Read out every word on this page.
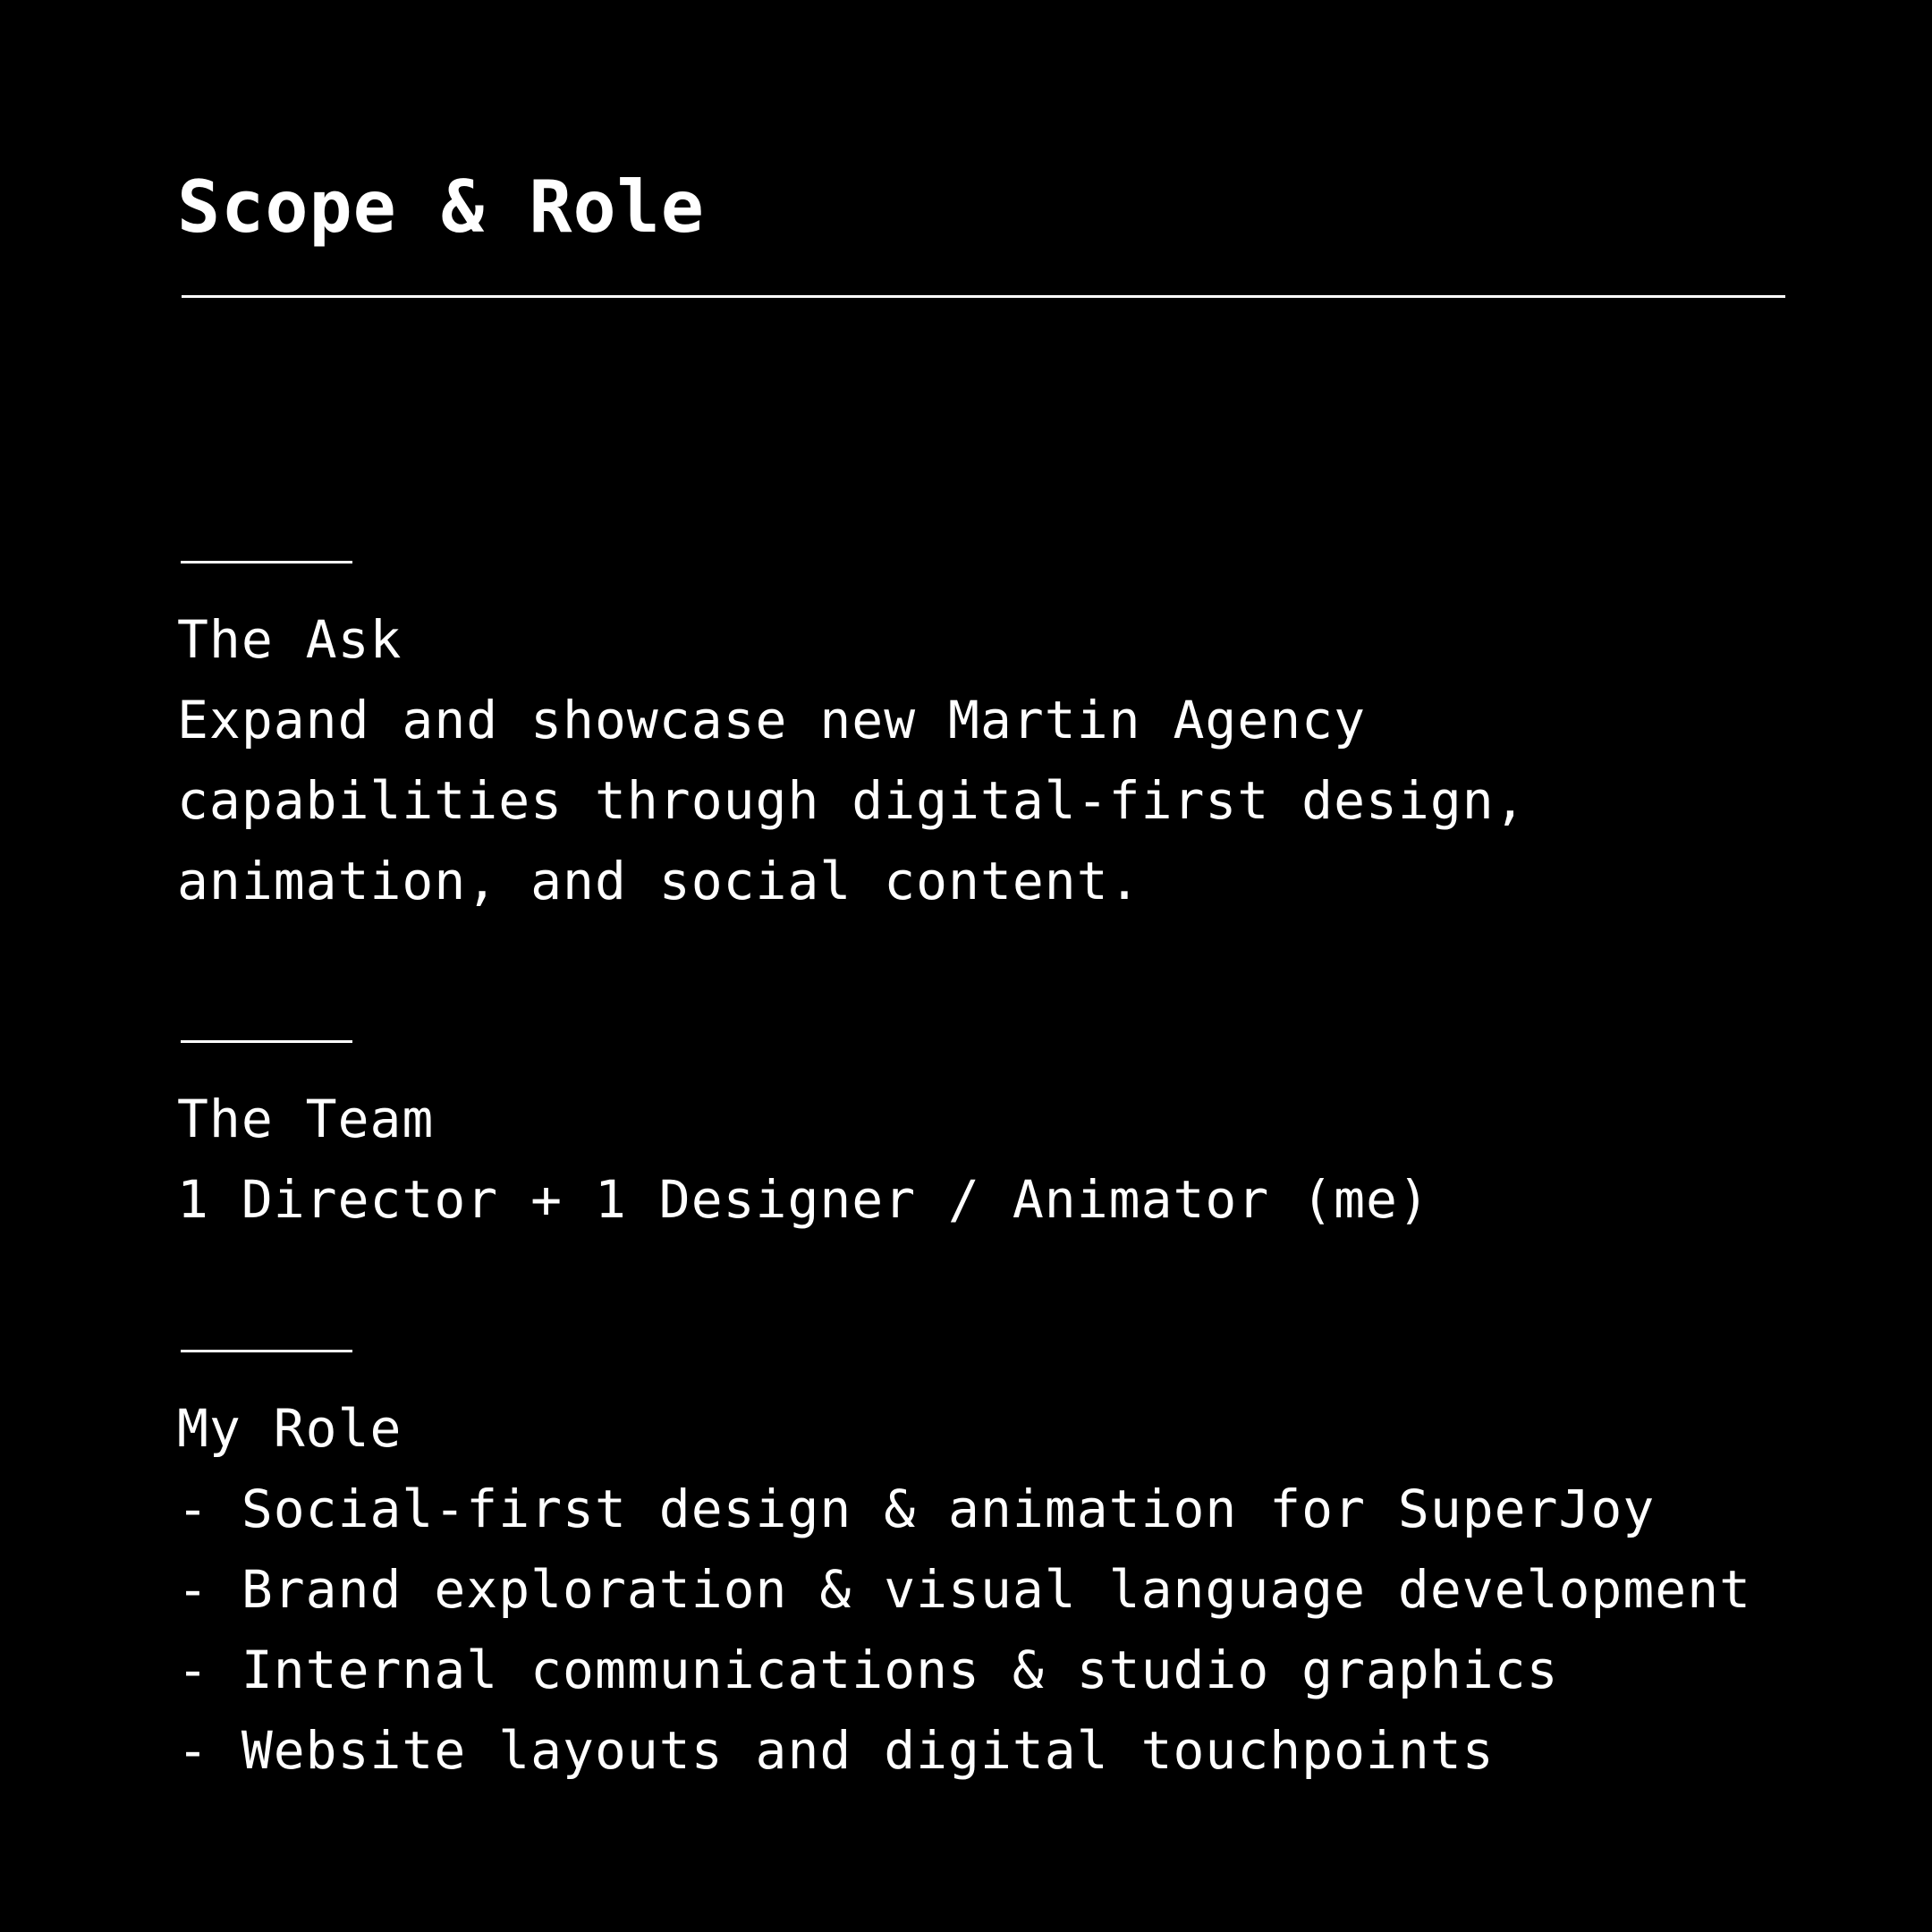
Scope & Role
The Ask
Expand and showcase new Martin Agency
capabilities through digital-first design,
animation, and social content.
The Team
1 Director + 1 Designer / Animator (me)
My Role
- Social-first design & animation for SuperJoy
- Brand exploration & visual language development
- Internal communications & studio graphics
- Website layouts and digital touchpoints
